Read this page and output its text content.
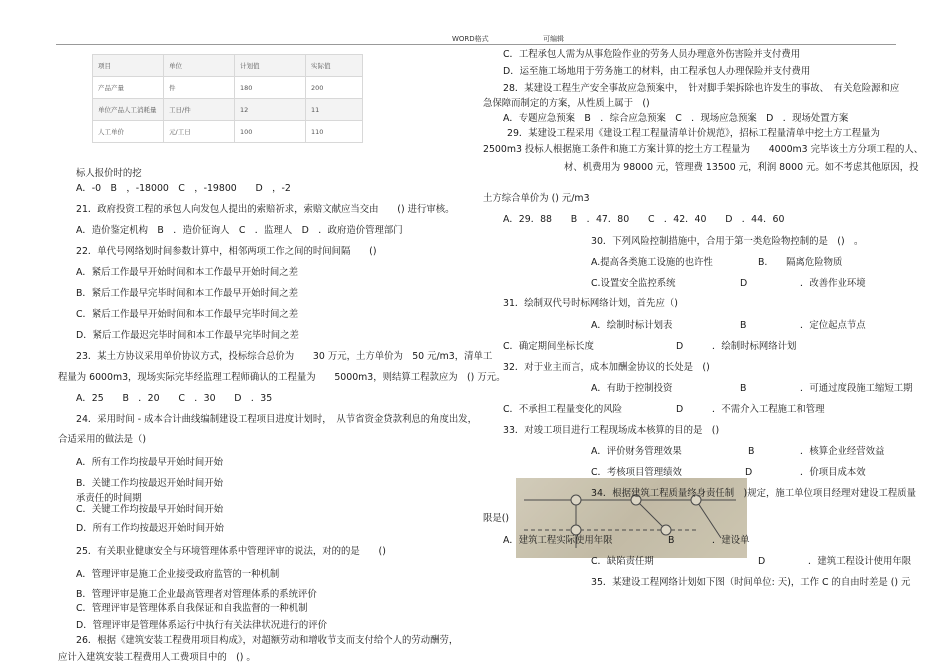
WORD格式	可编辑
项目	单位	计划值	实际值
产品产量	件	180	200
单位产品人工消耗量	工日/件	12	11
人工单价	元/工日	100	110
标人报价时的挖
A．-0　B　，-18000　C　，-19800　　D　，-2
21．政府投资工程的承包人向发包人提出的索赔祈求，索赔文献应当交由　　() 进行审核。
A．造价鉴定机构　B　．造价征询人　C　．监理人　D　．政府造价管理部门
22．单代号网络划时间参数计算中，相邻两项工作之间的时间间隔　　()
A．紧后工作最早开始时间和本工作最早开始时间之差
B．紧后工作最早完毕时间和本工作最早开始时间之差
C．紧后工作最早开始时间和本工作最早完毕时间之差
D．紧后工作最迟完毕时间和本工作最早完毕时间之差
23．某土方协议采用单价协议方式，投标综合总价为　　30 万元，土方单价为　50 元/m3，清单工
程量为 6000m3，现场实际完毕经监理工程师确认的工程量为　　5000m3，则结算工程款应为　() 万元。
A．25　　B　．20　　C　．30　　D　．35
24．采用时间 - 成本合计曲线编制建设工程项目进度计划时，　从节省资金贷款利息的角度出发，
合适采用的做法是（)
A．所有工作均按最早开始时间开始
B．关键工作均按最迟开始时间开始
承责任的时间期
C．关键工作均按最早开始时间开始
D．所有工作均按最迟开始时间开始
25．有关职业健康安全与环境管理体系中管理评审的说法，对的的是　　()
A．管理评审是施工企业接受政府监管的一种机制
B．管理评审是施工企业最高管理者对管理体系的系统评价
C．管理评审是管理体系自我保证和自我监督的一种机制
D．管理评审是管理体系运行中执行有关法律状况进行的评价
26．根据《建筑安装工程费用项目构成》，对超额劳动和增收节支而支付给个人的劳动酬劳，
应计入建筑安装工程费用人工费项目中的　() 。
C．工程承包人需为从事危险作业的劳务人员办理意外伤害险并支付费用
D．运至施工场地用于劳务施工的材料，由工程承包人办理保险并支付费用
28．某建设工程生产安全事故应急预案中，　针对脚手架拆除也许发生的事故、　有关危险源和应
急保障而制定的方案，从性质上属于　()
A．专题应急预案　B　．综合应急预案　C　．现场应急预案　D　．现场处置方案
29．某建设工程采用《建设工程工程量清单计价规范》，招标工程量清单中挖土方工程量为
2500m3 投标人根据施工条件和施工方案计算的挖土方工程量为　　4000m3 完毕该土方分项工程的人、
材、机费用为 98000 元，管理费 13500 元，利润 8000 元。如不考虑其他原因，投
土方综合单价为 () 元/m3
A．29．88　　B　．47．80　　C　．42．40　　D　．44．60
30．下列风险控制措施中，合用于第一类危险物控制的是　()　。
A.提高各类施工设施的也许性	B.　　隔离危险物质
C.设置安全监控系统	D	．改善作业环境
31．绘制双代号时标网络计划，首先应（)
A．绘制时标计划表	B	．定位起点节点
C．确定期间坐标长度	D	．绘制时标网络计划
32．对于业主而言，成本加酬金协议的长处是　()
A．有助于控制投资	B	．可通过度段施工缩短工期
C．不承担工程量变化的风险	D	．不需介入工程施工和管理
33．对竣工项目进行工程现场成本核算的目的是　()
A．评价财务管理效果	B	．核算企业经营效益
C．考核项目管理绩效	D	．价项目成本效
34．根据建筑工程质量终身责任制　)规定，施工单位项目经理对建设工程质量
限是()
A．建筑工程实际使用年限	B	．建设单
C．缺陷责任期	D	．建筑工程设计使用年限
35．某建设工程网络计划如下图（时间单位: 天)，工作 C 的自由时差是 () 元
